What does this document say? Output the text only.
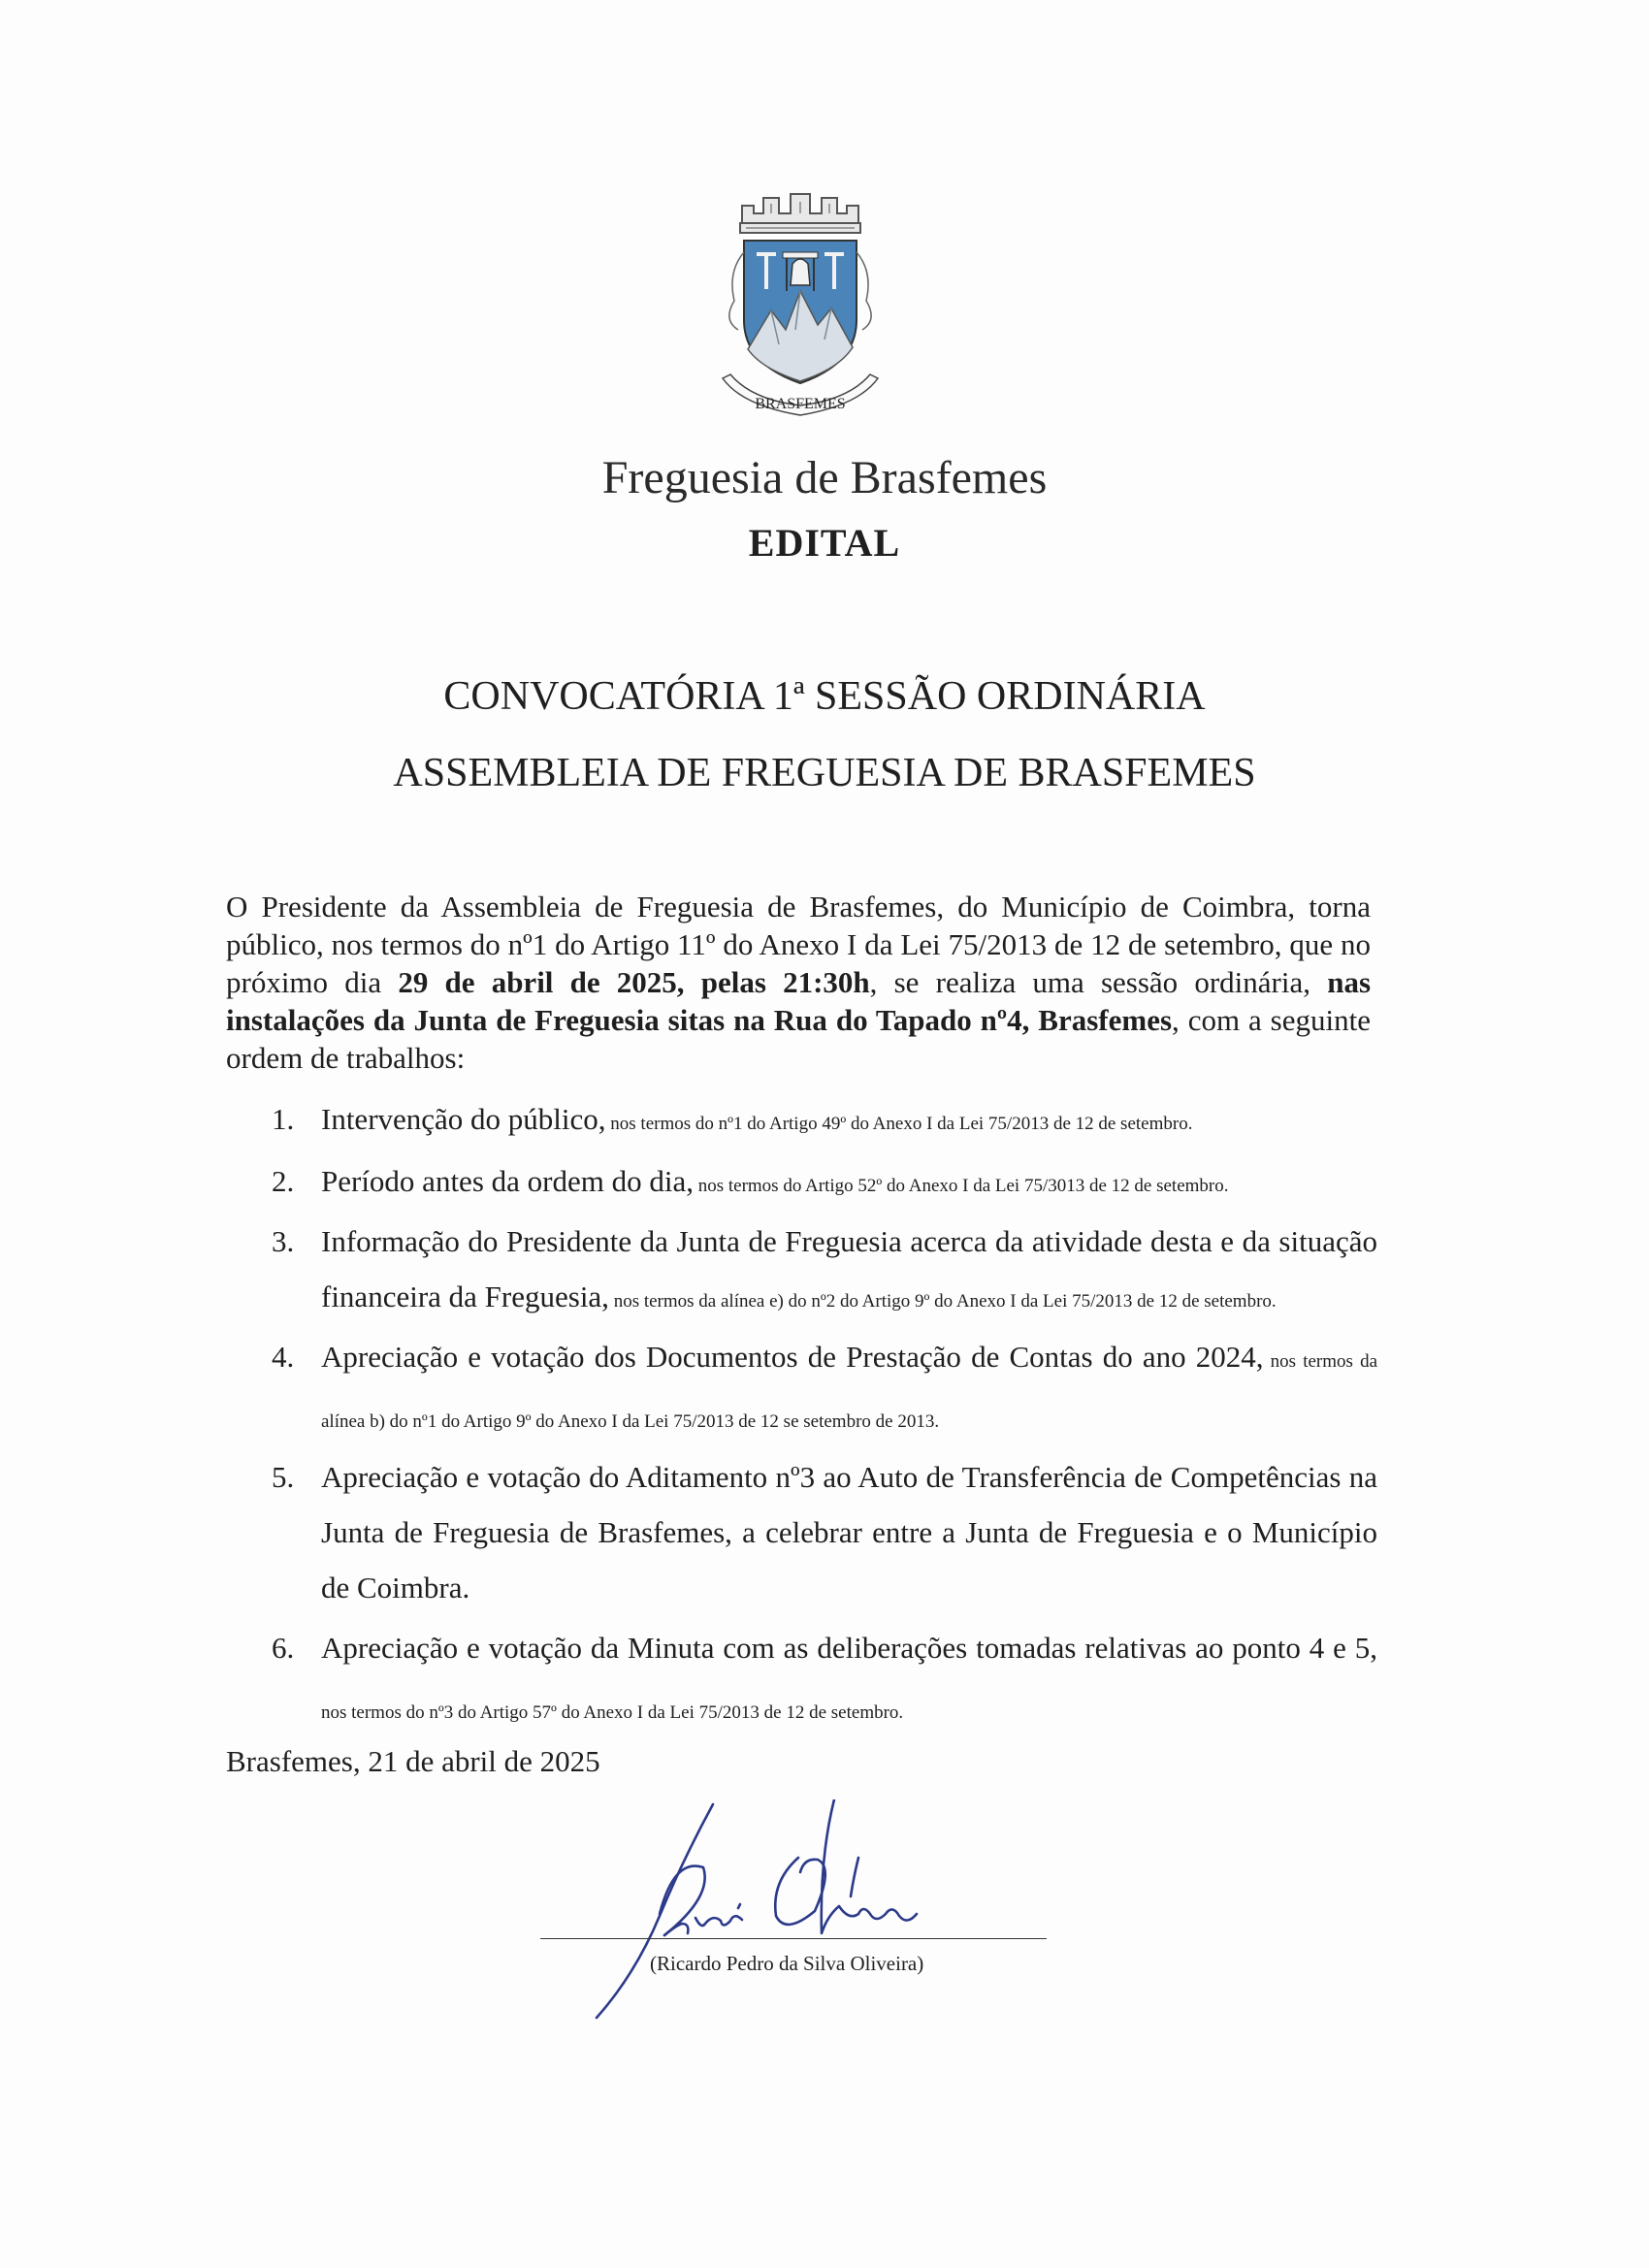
BRASFEMES
Freguesia de Brasfemes
EDITAL
CONVOCATÓRIA 1ª SESSÃO ORDINÁRIA
ASSEMBLEIA DE FREGUESIA DE BRASFEMES

O Presidente da Assembleia de Freguesia de Brasfemes, do Município de Coimbra, torna público, nos termos do nº1 do Artigo 11º do Anexo I da Lei 75/2013 de 12 de setembro, que no próximo dia 29 de abril de 2025, pelas 21:30h, se realiza uma sessão ordinária, nas instalações da Junta de Freguesia sitas na Rua do Tapado nº4, Brasfemes, com a seguinte ordem de trabalhos:

1. Intervenção do público, nos termos do nº1 do Artigo 49º do Anexo I da Lei 75/2013 de 12 de setembro.
2. Período antes da ordem do dia, nos termos do Artigo 52º do Anexo I da Lei 75/3013 de 12 de setembro.
3. Informação do Presidente da Junta de Freguesia acerca da atividade desta e da situação financeira da Freguesia, nos termos da alínea e) do nº2 do Artigo 9º do Anexo I da Lei 75/2013 de 12 de setembro.
4. Apreciação e votação dos Documentos de Prestação de Contas do ano 2024, nos termos da alínea b) do nº1 do Artigo 9º do Anexo I da Lei 75/2013 de 12 se setembro de 2013.
5. Apreciação e votação do Aditamento nº3 ao Auto de Transferência de Competências na Junta de Freguesia de Brasfemes, a celebrar entre a Junta de Freguesia e o Município de Coimbra.
6. Apreciação e votação da Minuta com as deliberações tomadas relativas ao ponto 4 e 5, nos termos do nº3 do Artigo 57º do Anexo I da Lei 75/2013 de 12 de setembro.
Brasfemes, 21 de abril de 2025
(Ricardo Pedro da Silva Oliveira)
